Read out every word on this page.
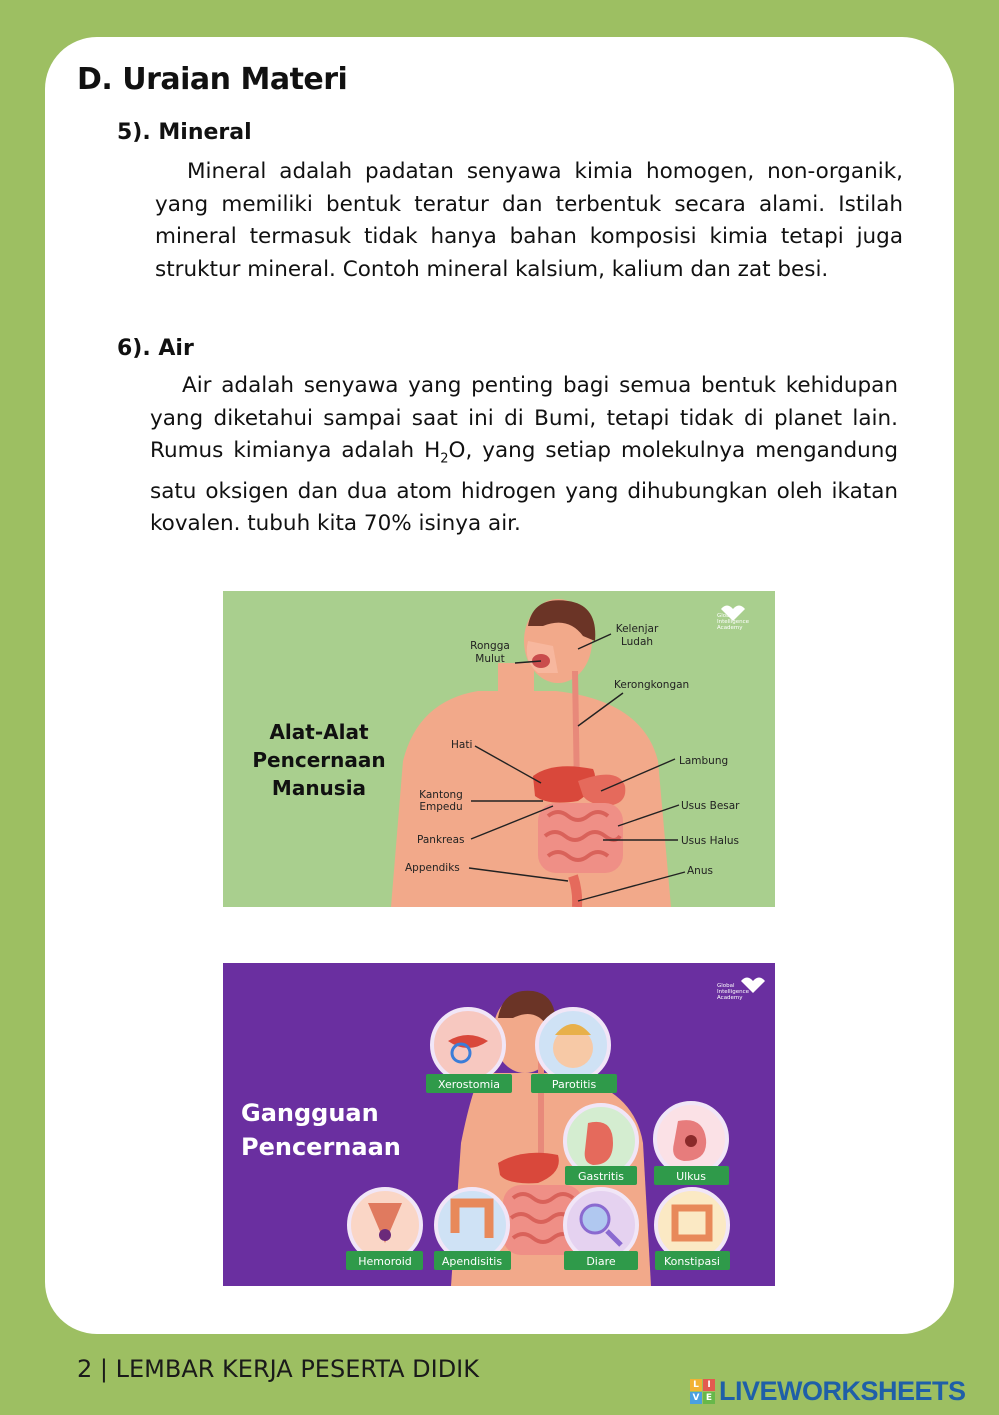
D. Uraian Materi
5). Mineral

Mineral adalah padatan senyawa kimia homogen, non-organik, yang memiliki bentuk teratur dan terbentuk secara alami. Istilah mineral termasuk tidak hanya bahan komposisi kimia tetapi juga struktur mineral. Contoh mineral kalsium, kalium dan zat besi.

6). Air

Air adalah senyawa yang penting bagi semua bentuk kehidupan yang diketahui sampai saat ini di Bumi, tetapi tidak di planet lain. Rumus kimianya adalah $H_2O$, yang setiap molekulnya mengandung satu oksigen dan dua atom hidrogen yang dihubungkan oleh ikatan kovalen. tubuh kita 70% isinya air.

Rongga
Mulut
Kelenjar
Ludah
Kerongkongan
Hati
Lambung
Kantong
Empedu	Usus Besar
Pankreas	Usus Halus
Appendiks	Anus
Alat-Alat
Pencernaan
Manusia
Global
Intelligence
Academy
Xerostomia	Parotitis
Gastritis	Ulkus
Hemoroid	Apendisitis	Diare	Konstipasi
Gangguan
Pencernaan
Global
Intelligence
Academy
2 | LEMBAR KERJA PESERTA DIDIK
L I
V E LIVEWORKSHEETS
